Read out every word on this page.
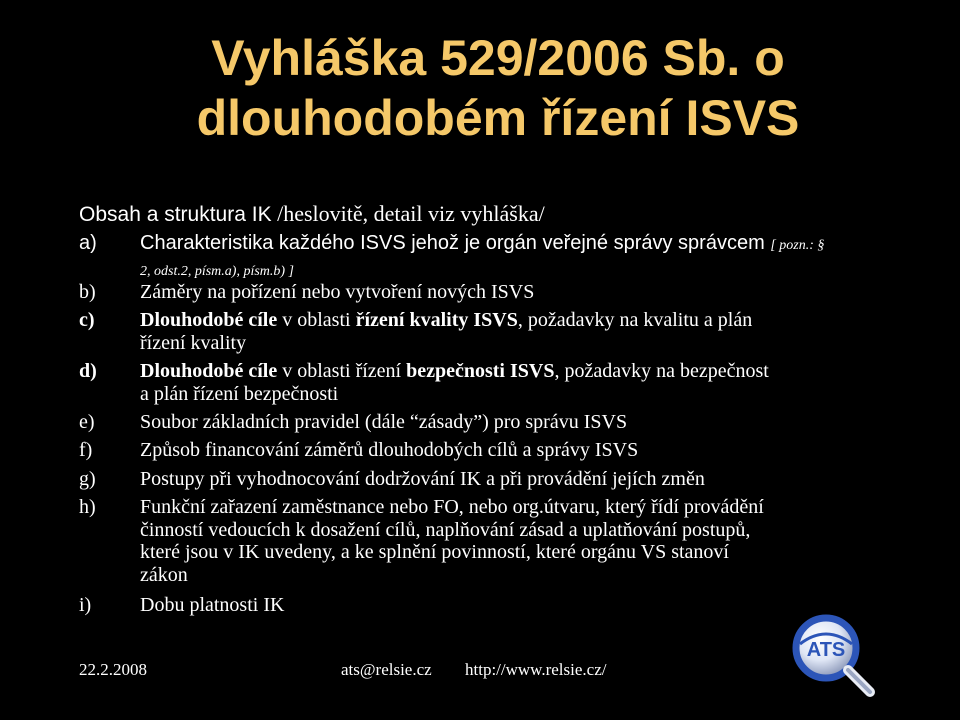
Vyhláška 529/2006 Sb. o
dlouhodobém řízení ISVS
Obsah a struktura IK /heslovitě, detail viz vyhláška/
a)	Charakteristika každého ISVS jehož je orgán veřejné správy správcem [ pozn.: §
2, odst.2, písm.a), písm.b) ]
b)	Záměry na pořízení nebo vytvoření nových ISVS
c)	Dlouhodobé cíle v oblasti řízení kvality ISVS, požadavky na kvalitu a plán
řízení kvality
d)	Dlouhodobé cíle v oblasti řízení bezpečnosti ISVS, požadavky na bezpečnost
a plán řízení bezpečnosti
e)	Soubor základních pravidel (dále “zásady”) pro správu ISVS
f)	Způsob financování záměrů dlouhodobých cílů a správy ISVS
g)	Postupy při vyhodnocování dodržování IK a při provádění jejích změn
h)	Funkční zařazení zaměstnance nebo FO, nebo org.útvaru, který řídí provádění
činností vedoucích k dosažení cílů, naplňování zásad a uplatňování postupů,
které jsou v IK uvedeny, a ke splnění povinností, které orgánu VS stanoví
zákon
i)	Dobu platnosti IK
22.2.2008	ats@relsie.cz http://www.relsie.cz/
ATS
